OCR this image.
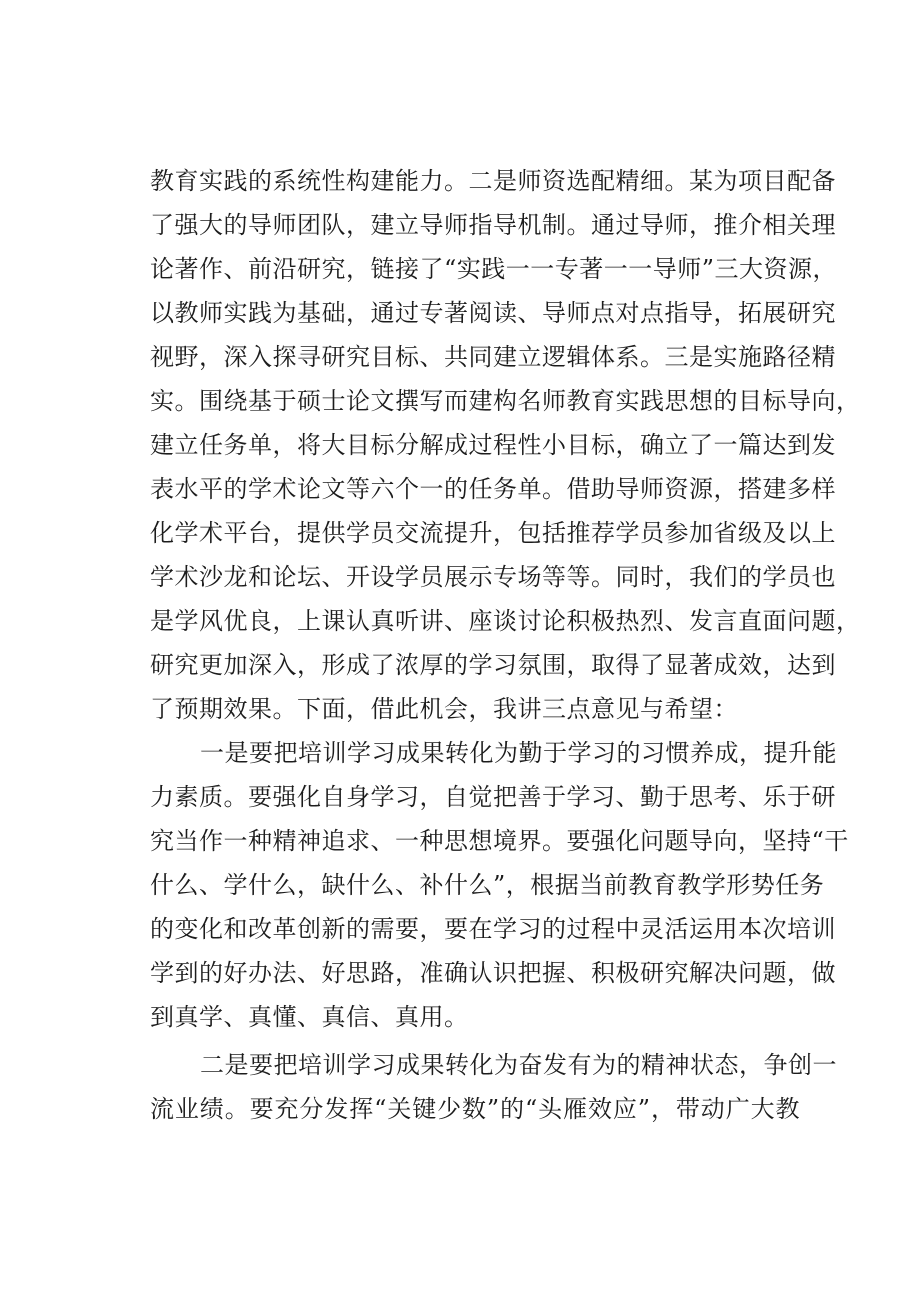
教育实践的系统性构建能力。二是师资选配精细。某为项目配备
了强大的导师团队，建立导师指导机制。通过导师，推介相关理
论著作、前沿研究，链接了“实践一一专著一一导师”三大资源，
以教师实践为基础，通过专著阅读、导师点对点指导，拓展研究
视野，深入探寻研究目标、共同建立逻辑体系。三是实施路径精
实。围绕基于硕士论文撰写而建构名师教育实践思想的目标导向，
建立任务单，将大目标分解成过程性小目标，确立了一篇达到发
表水平的学术论文等六个一的任务单。借助导师资源，搭建多样
化学术平台，提供学员交流提升，包括推荐学员参加省级及以上
学术沙龙和论坛、开设学员展示专场等等。同时，我们的学员也
是学风优良，上课认真听讲、座谈讨论积极热烈、发言直面问题，
研究更加深入，形成了浓厚的学习氛围，取得了显著成效，达到
了预期效果。下面，借此机会，我讲三点意见与希望：
一是要把培训学习成果转化为勤于学习的习惯养成，提升能
力素质。要强化自身学习，自觉把善于学习、勤于思考、乐于研
究当作一种精神追求、一种思想境界。要强化问题导向，坚持“干
什么、学什么，缺什么、补什么”，根据当前教育教学形势任务
的变化和改革创新的需要，要在学习的过程中灵活运用本次培训
学到的好办法、好思路，准确认识把握、积极研究解决问题，做
到真学、真懂、真信、真用。
二是要把培训学习成果转化为奋发有为的精神状态，争创一
流业绩。要充分发挥“关键少数”的“头雁效应”，带动广大教
